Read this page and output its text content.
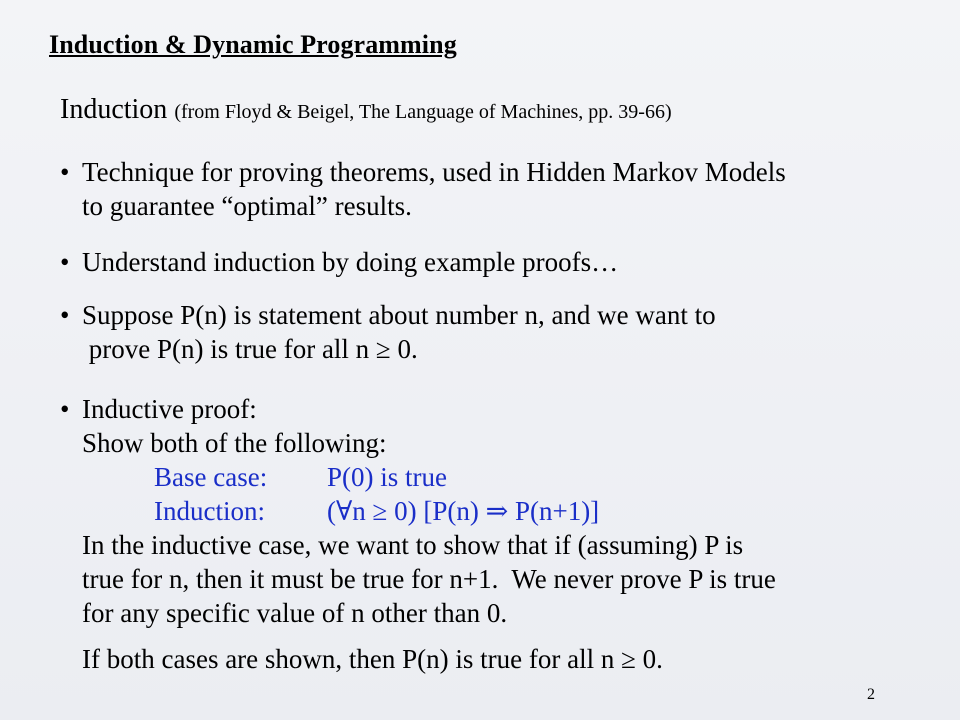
Induction & Dynamic Programming
Induction (from Floyd & Beigel, The Language of Machines, pp. 39-66)
• Technique for proving theorems, used in Hidden Markov Models
to guarantee “optimal” results.
• Understand induction by doing example proofs…
• Suppose P(n) is statement about number n, and we want to
prove P(n) is true for all n ≥ 0.
• Inductive proof:
Show both of the following:
Base case: P(0) is true
Induction: (∀n ≥ 0) [P(n) ⇒ P(n+1)]
In the inductive case, we want to show that if (assuming) P is
true for n, then it must be true for n+1.  We never prove P is true
for any specific value of n other than 0.
If both cases are shown, then P(n) is true for all n ≥ 0.
2
